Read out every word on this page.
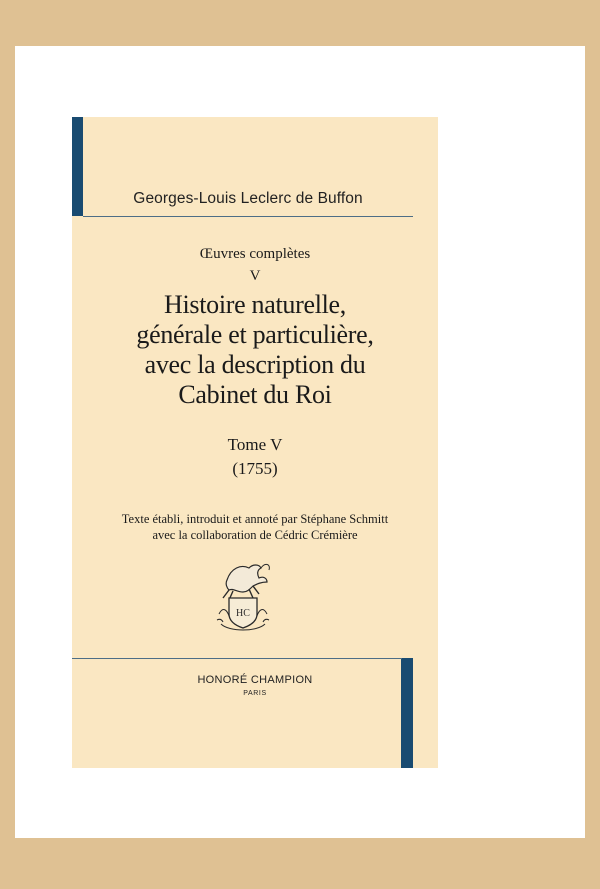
Georges-Louis Leclerc de Buffon
Œuvres complètes
V
Histoire naturelle,
générale et particulière,
avec la description du
Cabinet du Roi
Tome V
(1755)
Texte établi, introduit et annoté par Stéphane Schmitt
avec la collaboration de Cédric Crémière
HC
HONORÉ CHAMPION
PARIS
